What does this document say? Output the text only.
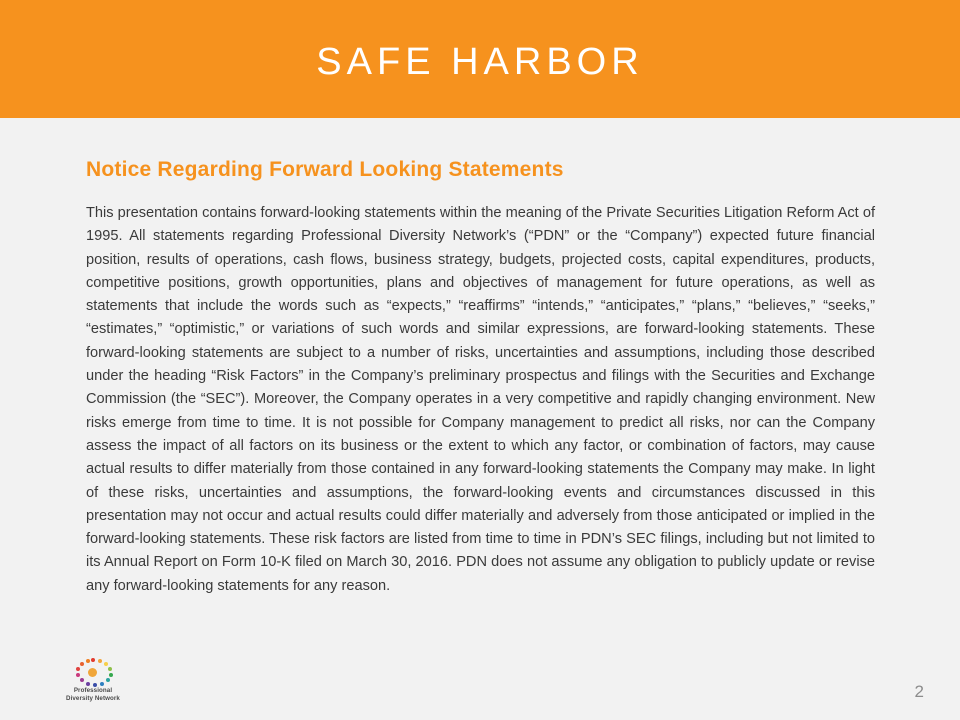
SAFE HARBOR
Notice Regarding Forward Looking Statements
This presentation contains forward-looking statements within the meaning of the Private Securities Litigation Reform Act of 1995. All statements regarding Professional Diversity Network’s (“PDN” or the “Company”) expected future financial position, results of operations, cash flows, business strategy, budgets, projected costs, capital expenditures, products, competitive positions, growth opportunities, plans and objectives of management for future operations, as well as statements that include the words such as “expects,” “reaffirms” “intends,” “anticipates,” “plans,” “believes,” “seeks,” “estimates,” “optimistic,” or variations of such words and similar expressions, are forward-looking statements. These forward-looking statements are subject to a number of risks, uncertainties and assumptions, including those described under the heading “Risk Factors” in the Company’s preliminary prospectus and filings with the Securities and Exchange Commission (the “SEC”). Moreover, the Company operates in a very competitive and rapidly changing environment. New risks emerge from time to time. It is not possible for Company management to predict all risks, nor can the Company assess the impact of all factors on its business or the extent to which any factor, or combination of factors, may cause actual results to differ materially from those contained in any forward-looking statements the Company may make. In light of these risks, uncertainties and assumptions, the forward-looking events and circumstances discussed in this presentation may not occur and actual results could differ materially and adversely from those anticipated or implied in the forward-looking statements. These risk factors are listed from time to time in PDN’s SEC filings, including but not limited to its Annual Report on Form 10-K filed on March 30, 2016. PDN does not assume any obligation to publicly update or revise any forward-looking statements for any reason.
Professional
Diversity Network	2
